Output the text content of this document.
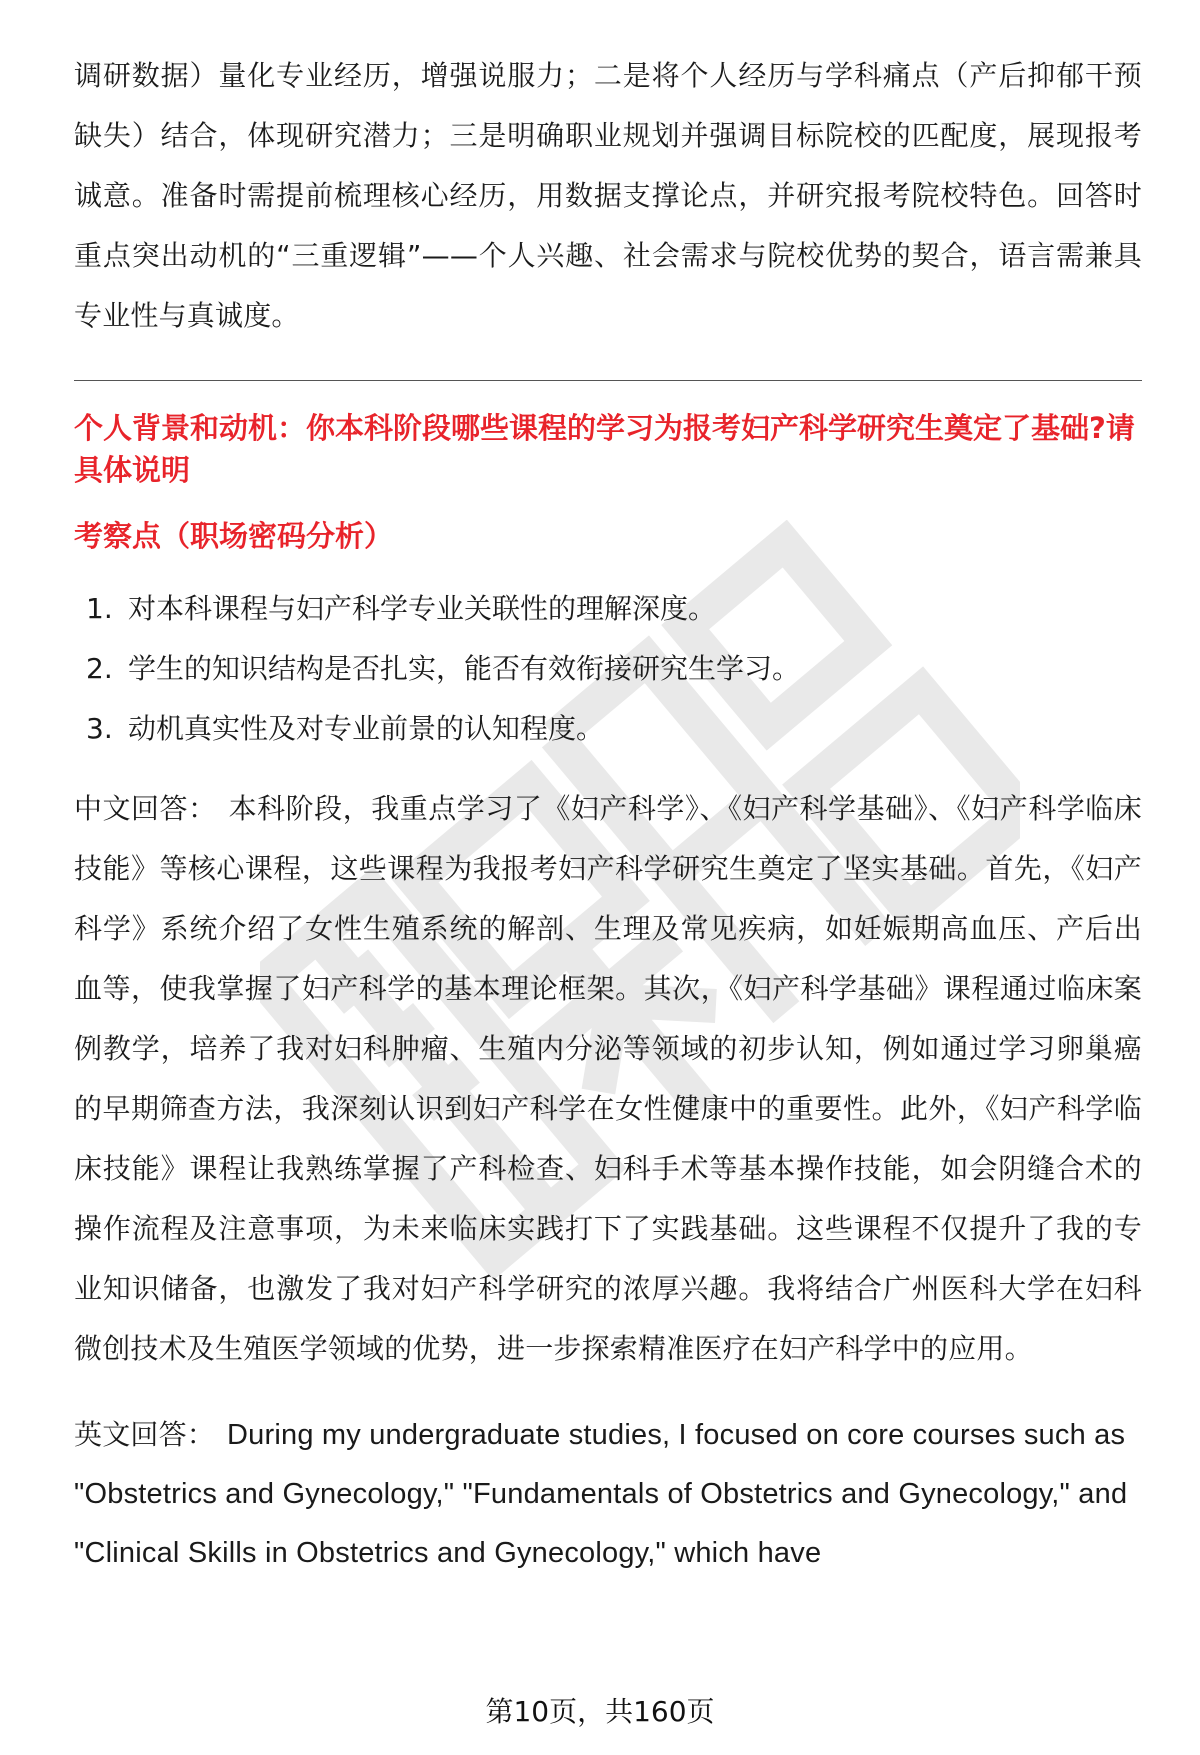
调研数据）量化专业经历，增强说服力；二是将个人经历与学科痛点（产后抑郁干预缺失）结合，体现研究潜力；三是明确职业规划并强调目标院校的匹配度，展现报考诚意。准备时需提前梳理核心经历，用数据支撑论点，并研究报考院校特色。回答时重点突出动机的“三重逻辑”——个人兴趣、社会需求与院校优势的契合，语言需兼具专业性与真诚度。

个人背景和动机：你本科阶段哪些课程的学习为报考妇产科学研究生奠定了基础?请具体说明
考察点（职场密码分析）
1. 对本科课程与妇产科学专业关联性的理解深度。
2. 学生的知识结构是否扎实，能否有效衔接研究生学习。
3. 动机真实性及对专业前景的认知程度。

中文回答： 本科阶段，我重点学习了《妇产科学》、《妇产科学基础》、《妇产科学临床技能》等核心课程，这些课程为我报考妇产科学研究生奠定了坚实基础。首先，《妇产科学》系统介绍了女性生殖系统的解剖、生理及常见疾病，如妊娠期高血压、产后出血等，使我掌握了妇产科学的基本理论框架。其次，《妇产科学基础》课程通过临床案例教学，培养了我对妇科肿瘤、生殖内分泌等领域的初步认知，例如通过学习卵巢癌的早期筛查方法，我深刻认识到妇产科学在女性健康中的重要性。此外，《妇产科学临床技能》课程让我熟练掌握了产科检查、妇科手术等基本操作技能，如会阴缝合术的操作流程及注意事项，为未来临床实践打下了实践基础。这些课程不仅提升了我的专业知识储备，也激发了我对妇产科学研究的浓厚兴趣。我将结合广州医科大学在妇科微创技术及生殖医学领域的优势，进一步探索精准医疗在妇产科学中的应用。

英文回答： During my undergraduate studies, I focused on core courses such as "Obstetrics and Gynecology," "Fundamentals of Obstetrics and Gynecology," and "Clinical Skills in Obstetrics and Gynecology," which have

第10页，共160页
